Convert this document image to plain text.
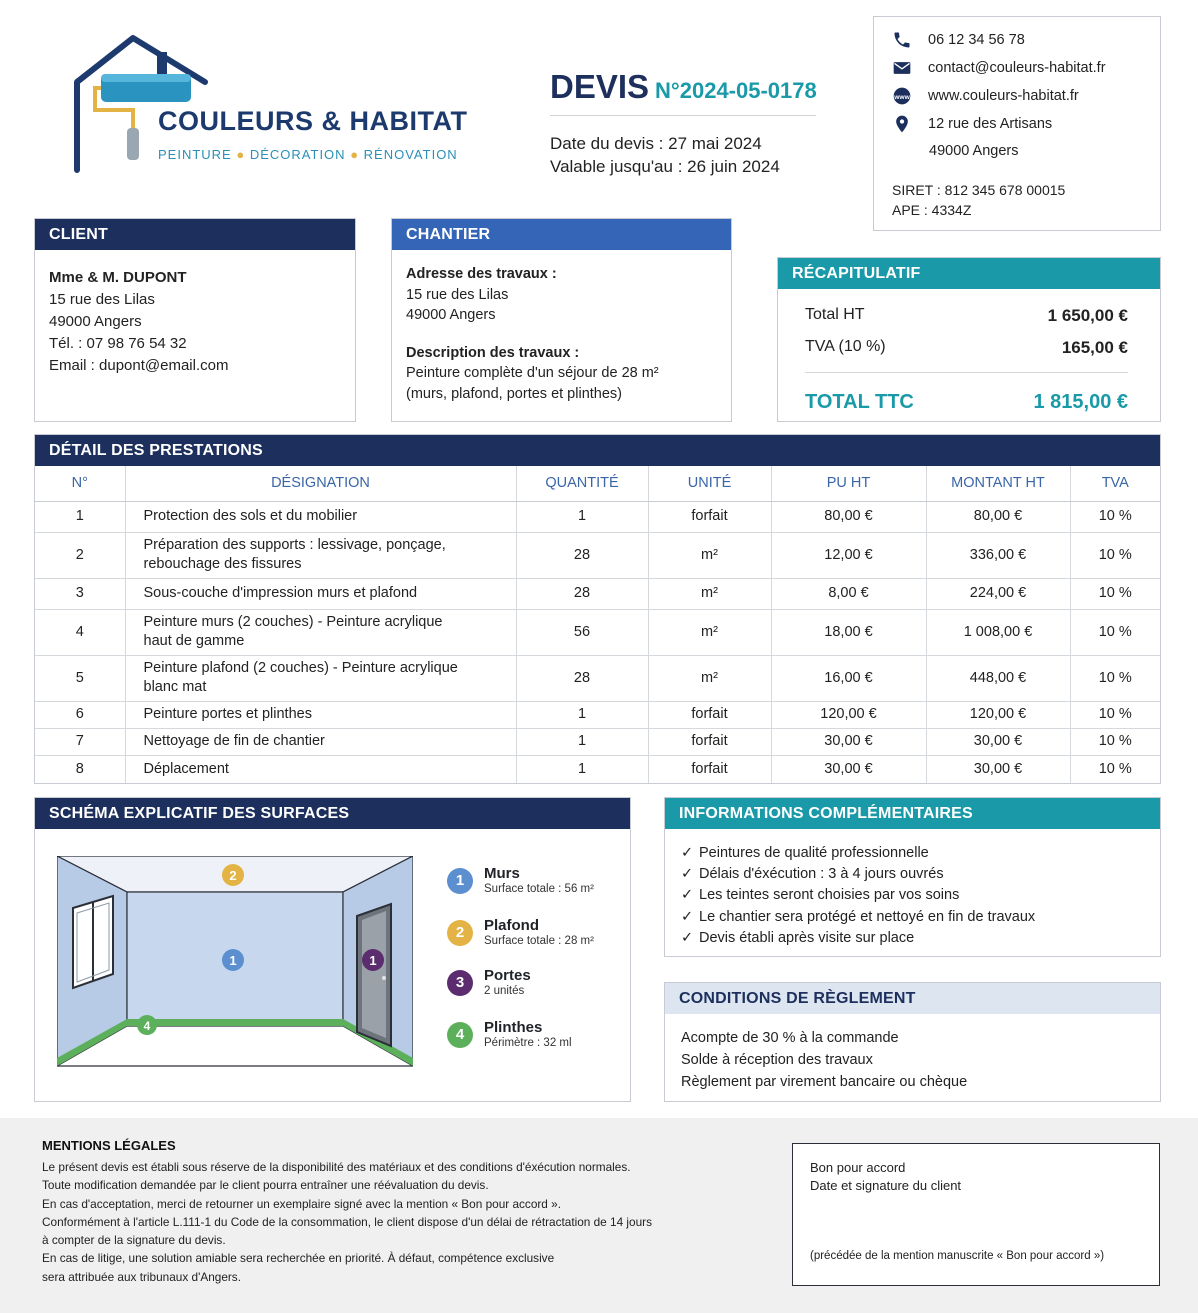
COULEURS & HABITAT
PEINTURE ● DÉCORATION ● RÉNOVATION
DEVIS N°2024-05-0178
Date du devis : 27 mai 2024
Valable jusqu'au : 26 juin 2024
06 12 34 56 78
contact@couleurs-habitat.fr
www www.couleurs-habitat.fr
12 rue des Artisans
49000 Angers
SIRET : 812 345 678 00015
APE : 4334Z
CLIENT
Mme & M. DUPONT
15 rue des Lilas
49000 Angers
Tél. : 07 98 76 54 32
Email : dupont@email.com
CHANTIER
Adresse des travaux :
15 rue des Lilas
49000 Angers
Description des travaux :
Peinture complète d'un séjour de 28 m²
(murs, plafond, portes et plinthes)
RÉCAPITULATIF
Total HT	1 650,00 €
TVA (10 %)	165,00 €
TOTAL TTC	1 815,00 €
DÉTAIL DES PRESTATIONS
N°	DÉSIGNATION	QUANTITÉ	UNITÉ	PU HT	MONTANT HT	TVA
1	Protection des sols et du mobilier	1	forfait	80,00 €	80,00 €	10 %
2	Préparation des supports : lessivage, ponçage,
rebouchage des fissures	28	m²	12,00 €	336,00 €	10 %
3	Sous-couche d'impression murs et plafond	28	m²	8,00 €	224,00 €	10 %
4	Peinture murs (2 couches) - Peinture acrylique
haut de gamme	56	m²	18,00 €	1 008,00 €	10 %
5	Peinture plafond (2 couches) - Peinture acrylique
blanc mat	28	m²	16,00 €	448,00 €	10 %
6	Peinture portes et plinthes	1	forfait	120,00 €	120,00 €	10 %
7	Nettoyage de fin de chantier	1	forfait	30,00 €	30,00 €	10 %
8	Déplacement	1	forfait	30,00 €	30,00 €	10 %
SCHÉMA EXPLICATIF DES SURFACES
2
1	1
4
1	Murs
Surface totale : 56 m²
2	Plafond
Surface totale : 28 m²
3	Portes
2 unités
4	Plinthes
Périmètre : 32 ml
INFORMATIONS COMPLÉMENTAIRES
✓ Peintures de qualité professionnelle
✓ Délais d'éxécution : 3 à 4 jours ouvrés
✓ Les teintes seront choisies par vos soins
✓ Le chantier sera protégé et nettoyé en fin de travaux
✓ Devis établi après visite sur place
CONDITIONS DE RÈGLEMENT
Acompte de 30 % à la commande
Solde à réception des travaux
Règlement par virement bancaire ou chèque
MENTIONS LÉGALES
Le présent devis est établi sous réserve de la disponibilité des matériaux et des conditions d'éxécution normales.
Toute modification demandée par le client pourra entraîner une réévaluation du devis.
En cas d'acceptation, merci de retourner un exemplaire signé avec la mention « Bon pour accord ».
Conformément à l'article L.111-1 du Code de la consommation, le client dispose d'un délai de rétractation de 14 jours
à compter de la signature du devis.
En cas de litige, une solution amiable sera recherchée en priorité. À défaut, compétence exclusive
sera attribuée aux tribunaux d'Angers.
Bon pour accord
Date et signature du client
(précédée de la mention manuscrite « Bon pour accord »)
